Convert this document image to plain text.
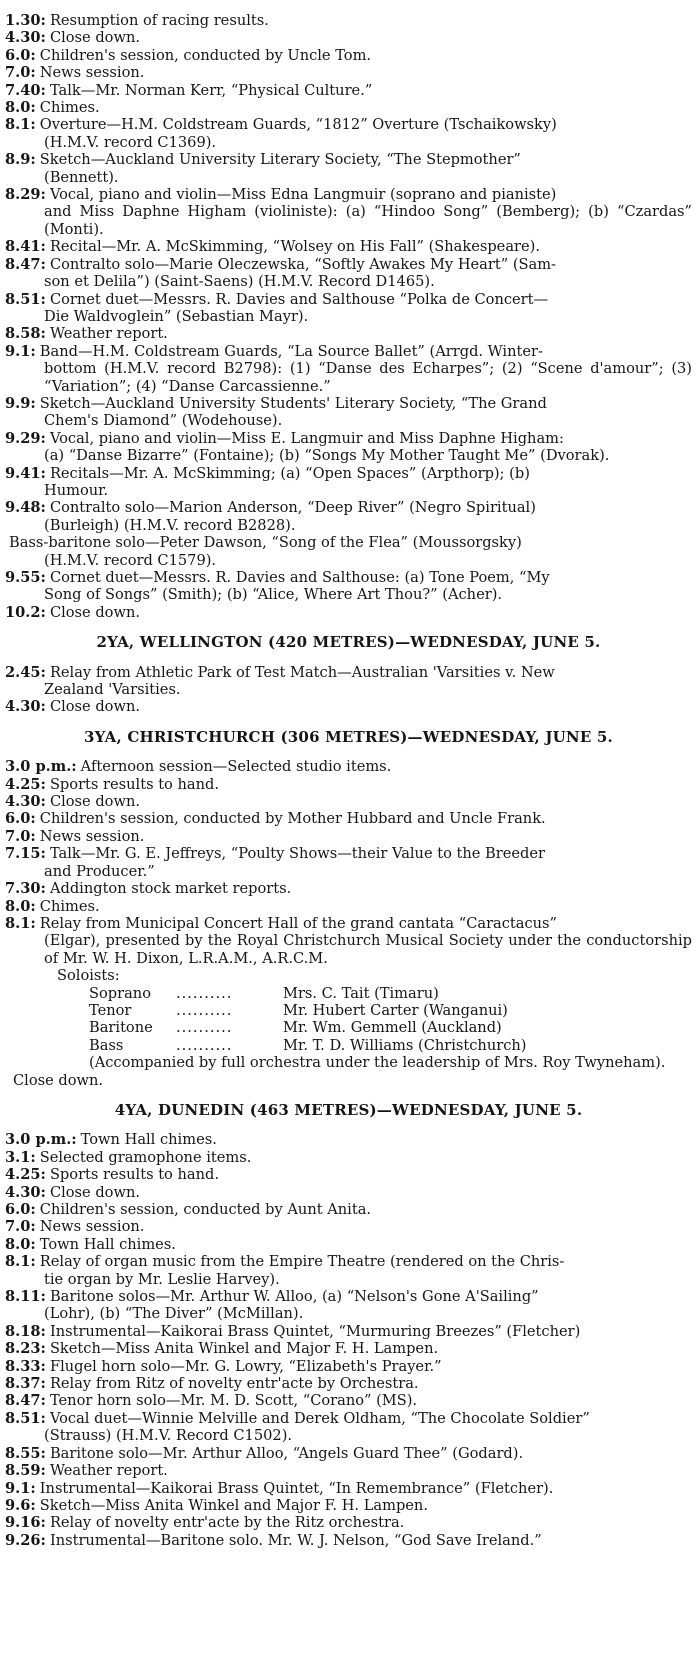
1.30: Resumption of racing results.
4.30: Close down.
6.0: Children's session, conducted by Uncle Tom.
7.0: News session.
7.40: Talk—Mr. Norman Kerr, “Physical Culture.”
8.0: Chimes.
8.1: Overture—H.M. Coldstream Guards, “1812” Overture (Tschaikowsky)
(H.M.V. record C1369).
8.9: Sketch—Auckland University Literary Society, “The Stepmother”
(Bennett).
8.29: Vocal, piano and violin—Miss Edna Langmuir (soprano and pianiste)
and Miss Daphne Higham (violiniste): (a) “Hindoo Song” (Bemberg); (b) “Czardas” (Monti).
8.41: Recital—Mr. A. McSkimming, “Wolsey on His Fall” (Shakespeare).
8.47: Contralto solo—Marie Oleczewska, “Softly Awakes My Heart” (Sam-
son et Delila”) (Saint-Saens) (H.M.V. Record D1465).
8.51: Cornet duet—Messrs. R. Davies and Salthouse “Polka de Concert—
Die Waldvoglein” (Sebastian Mayr).
8.58: Weather report.
9.1: Band—H.M. Coldstream Guards, “La Source Ballet” (Arrgd. Winter-
bottom (H.M.V. record B2798): (1) “Danse des Echarpes”; (2) “Scene d'amour”; (3) “Variation”; (4) “Danse Carcassienne.”
9.9: Sketch—Auckland University Students' Literary Society, “The Grand
Chem's Diamond” (Wodehouse).
9.29: Vocal, piano and violin—Miss E. Langmuir and Miss Daphne Higham:
(a) “Danse Bizarre” (Fontaine); (b) “Songs My Mother Taught Me” (Dvorak).
9.41: Recitals—Mr. A. McSkimming; (a) “Open Spaces” (Arpthorp); (b)
Humour.
9.48: Contralto solo—Marion Anderson, “Deep River” (Negro Spiritual)
(Burleigh) (H.M.V. record B2828).
Bass-baritone solo—Peter Dawson, “Song of the Flea” (Moussorgsky)
(H.M.V. record C1579).
9.55: Cornet duet—Messrs. R. Davies and Salthouse: (a) Tone Poem, “My
Song of Songs” (Smith); (b) “Alice, Where Art Thou?” (Acher).
10.2: Close down.
2YA, WELLINGTON (420 METRES)—WEDNESDAY, JUNE 5.
2.45: Relay from Athletic Park of Test Match—Australian 'Varsities v. New
Zealand 'Varsities.
4.30: Close down.
3YA, CHRISTCHURCH (306 METRES)—WEDNESDAY, JUNE 5.
3.0 p.m.: Afternoon session—Selected studio items.
4.25: Sports results to hand.
4.30: Close down.
6.0: Children's session, conducted by Mother Hubbard and Uncle Frank.
7.0: News session.
7.15: Talk—Mr. G. E. Jeffreys, “Poulty Shows—their Value to the Breeder
and Producer.”
7.30: Addington stock market reports.
8.0: Chimes.
8.1: Relay from Municipal Concert Hall of the grand cantata “Caractacus”
(Elgar), presented by the Royal Christchurch Musical Society under the conductorship of Mr. W. H. Dixon, L.R.A.M., A.R.C.M.
Soloists:
Soprano	..........	Mrs. C. Tait (Timaru)
Tenor	..........	Mr. Hubert Carter (Wanganui)
Baritone	..........	Mr. Wm. Gemmell (Auckland)
Bass	..........	Mr. T. D. Williams (Christchurch)
(Accompanied by full orchestra under the leadership of Mrs. Roy Twyneham).
Close down.
4YA, DUNEDIN (463 METRES)—WEDNESDAY, JUNE 5.
3.0 p.m.: Town Hall chimes.
3.1: Selected gramophone items.
4.25: Sports results to hand.
4.30: Close down.
6.0: Children's session, conducted by Aunt Anita.
7.0: News session.
8.0: Town Hall chimes.
8.1: Relay of organ music from the Empire Theatre (rendered on the Chris-
tie organ by Mr. Leslie Harvey).
8.11: Baritone solos—Mr. Arthur W. Alloo, (a) “Nelson's Gone A'Sailing”
(Lohr), (b) “The Diver” (McMillan).
8.18: Instrumental—Kaikorai Brass Quintet, “Murmuring Breezes” (Fletcher)
8.23: Sketch—Miss Anita Winkel and Major F. H. Lampen.
8.33: Flugel horn solo—Mr. G. Lowry, “Elizabeth's Prayer.”
8.37: Relay from Ritz of novelty entr'acte by Orchestra.
8.47: Tenor horn solo—Mr. M. D. Scott, “Corano” (MS).
8.51: Vocal duet—Winnie Melville and Derek Oldham, “The Chocolate Soldier”
(Strauss) (H.M.V. Record C1502).
8.55: Baritone solo—Mr. Arthur Alloo, “Angels Guard Thee” (Godard).
8.59: Weather report.
9.1: Instrumental—Kaikorai Brass Quintet, “In Remembrance” (Fletcher).
9.6: Sketch—Miss Anita Winkel and Major F. H. Lampen.
9.16: Relay of novelty entr'acte by the Ritz orchestra.
9.26: Instrumental—Baritone solo. Mr. W. J. Nelson, “God Save Ireland.”
